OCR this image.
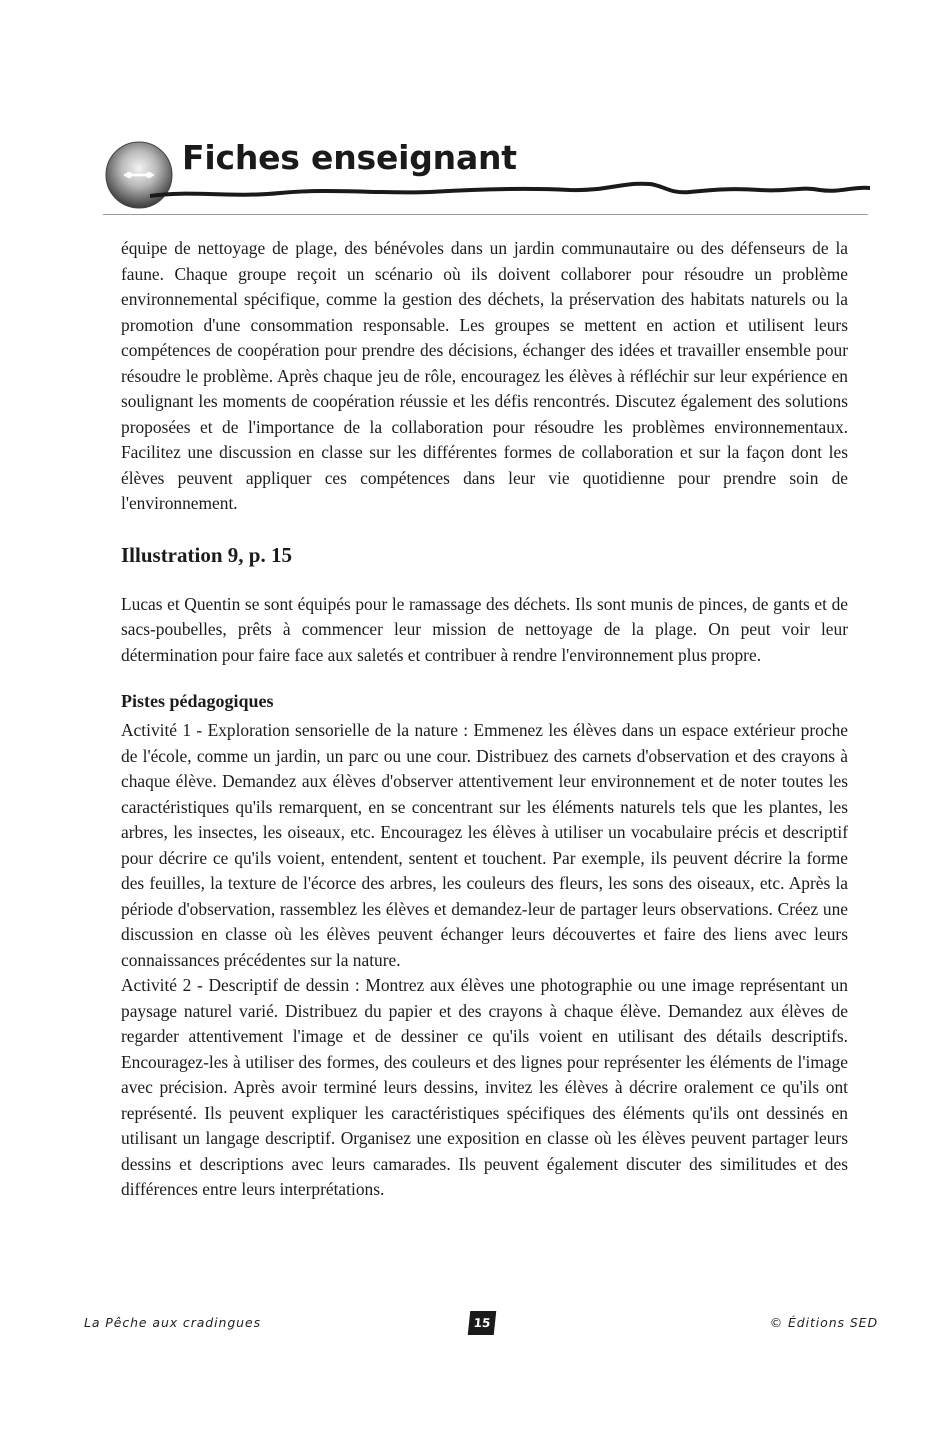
Fiches enseignant

équipe de nettoyage de plage, des bénévoles dans un jardin communautaire ou des défenseurs de la faune. Chaque groupe reçoit un scénario où ils doivent collaborer pour résoudre un problème environnemental spécifique, comme la gestion des déchets, la préservation des habitats naturels ou la promotion d'une consommation responsable. Les groupes se mettent en action et utilisent leurs compétences de coopération pour prendre des décisions, échanger des idées et travailler ensemble pour résoudre le problème. Après chaque jeu de rôle, encouragez les élèves à réfléchir sur leur expérience en soulignant les moments de coopération réussie et les défis rencontrés. Discutez également des solutions proposées et de l'importance de la collaboration pour résoudre les problèmes environnementaux. Facilitez une discussion en classe sur les différentes formes de collaboration et sur la façon dont les élèves peuvent appliquer ces compétences dans leur vie quotidienne pour prendre soin de l'environnement.

Illustration 9, p. 15

Lucas et Quentin se sont équipés pour le ramassage des déchets. Ils sont munis de pinces, de gants et de sacs-poubelles, prêts à commencer leur mission de nettoyage de la plage. On peut voir leur détermination pour faire face aux saletés et contribuer à rendre l'environnement plus propre.

Pistes pédagogiques

Activité 1 - Exploration sensorielle de la nature : Emmenez les élèves dans un espace extérieur proche de l'école, comme un jardin, un parc ou une cour. Distribuez des carnets d'observation et des crayons à chaque élève. Demandez aux élèves d'observer attentivement leur environnement et de noter toutes les caractéristiques qu'ils remarquent, en se concentrant sur les éléments naturels tels que les plantes, les arbres, les insectes, les oiseaux, etc. Encouragez les élèves à utiliser un vocabulaire précis et descriptif pour décrire ce qu'ils voient, entendent, sentent et touchent. Par exemple, ils peuvent décrire la forme des feuilles, la texture de l'écorce des arbres, les couleurs des fleurs, les sons des oiseaux, etc. Après la période d'observation, rassemblez les élèves et demandez-leur de partager leurs observations. Créez une discussion en classe où les élèves peuvent échanger leurs découvertes et faire des liens avec leurs connaissances précédentes sur la nature.

Activité 2 - Descriptif de dessin : Montrez aux élèves une photographie ou une image représentant un paysage naturel varié. Distribuez du papier et des crayons à chaque élève. Demandez aux élèves de regarder attentivement l'image et de dessiner ce qu'ils voient en utilisant des détails descriptifs. Encouragez-les à utiliser des formes, des couleurs et des lignes pour représenter les éléments de l'image avec précision. Après avoir terminé leurs dessins, invitez les élèves à décrire oralement ce qu'ils ont représenté. Ils peuvent expliquer les caractéristiques spécifiques des éléments qu'ils ont dessinés en utilisant un langage descriptif. Organisez une exposition en classe où les élèves peuvent partager leurs dessins et descriptions avec leurs camarades. Ils peuvent également discuter des similitudes et des différences entre leurs interprétations.

La Pêche aux cradingues	15	© Éditions SED
